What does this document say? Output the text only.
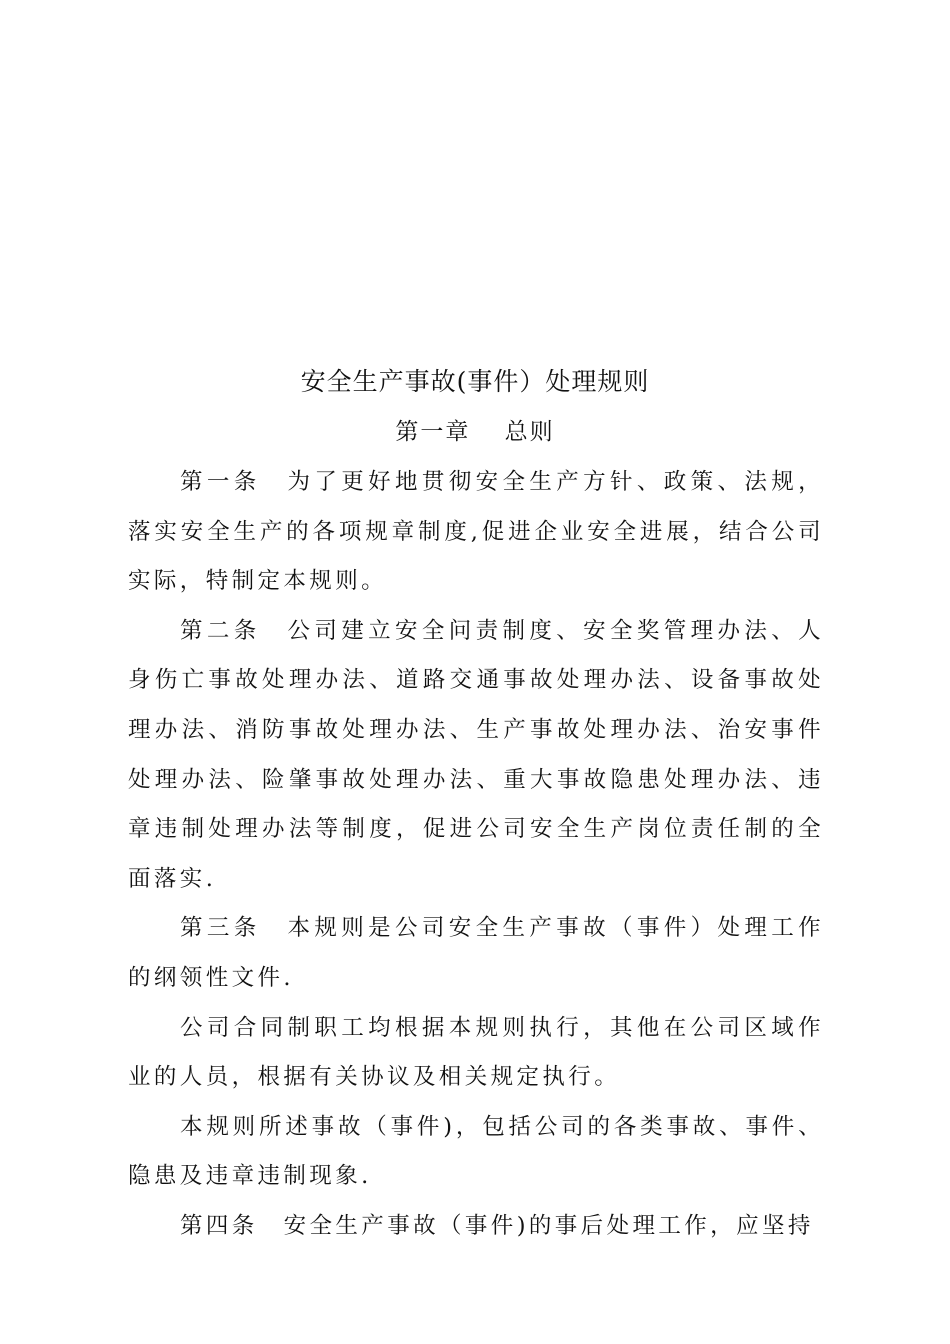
安全生产事故(事件）处理规则
第一章　 总则

第一条　为了更好地贯彻安全生产方针、政策、法规，落实安全生产的各项规章制度,促进企业安全进展，结合公司实际，特制定本规则。

第二条　公司建立安全问责制度、安全奖管理办法、人身伤亡事故处理办法、道路交通事故处理办法、设备事故处理办法、消防事故处理办法、生产事故处理办法、治安事件处理办法、险肇事故处理办法、重大事故隐患处理办法、违章违制处理办法等制度，促进公司安全生产岗位责任制的全面落实.

第三条　本规则是公司安全生产事故（事件）处理工作的纲领性文件.

公司合同制职工均根据本规则执行，其他在公司区域作业的人员，根据有关协议及相关规定执行。

本规则所述事故（事件)，包括公司的各类事故、事件、隐患及违章违制现象.

第四条　安全生产事故（事件)的事后处理工作，应坚持
